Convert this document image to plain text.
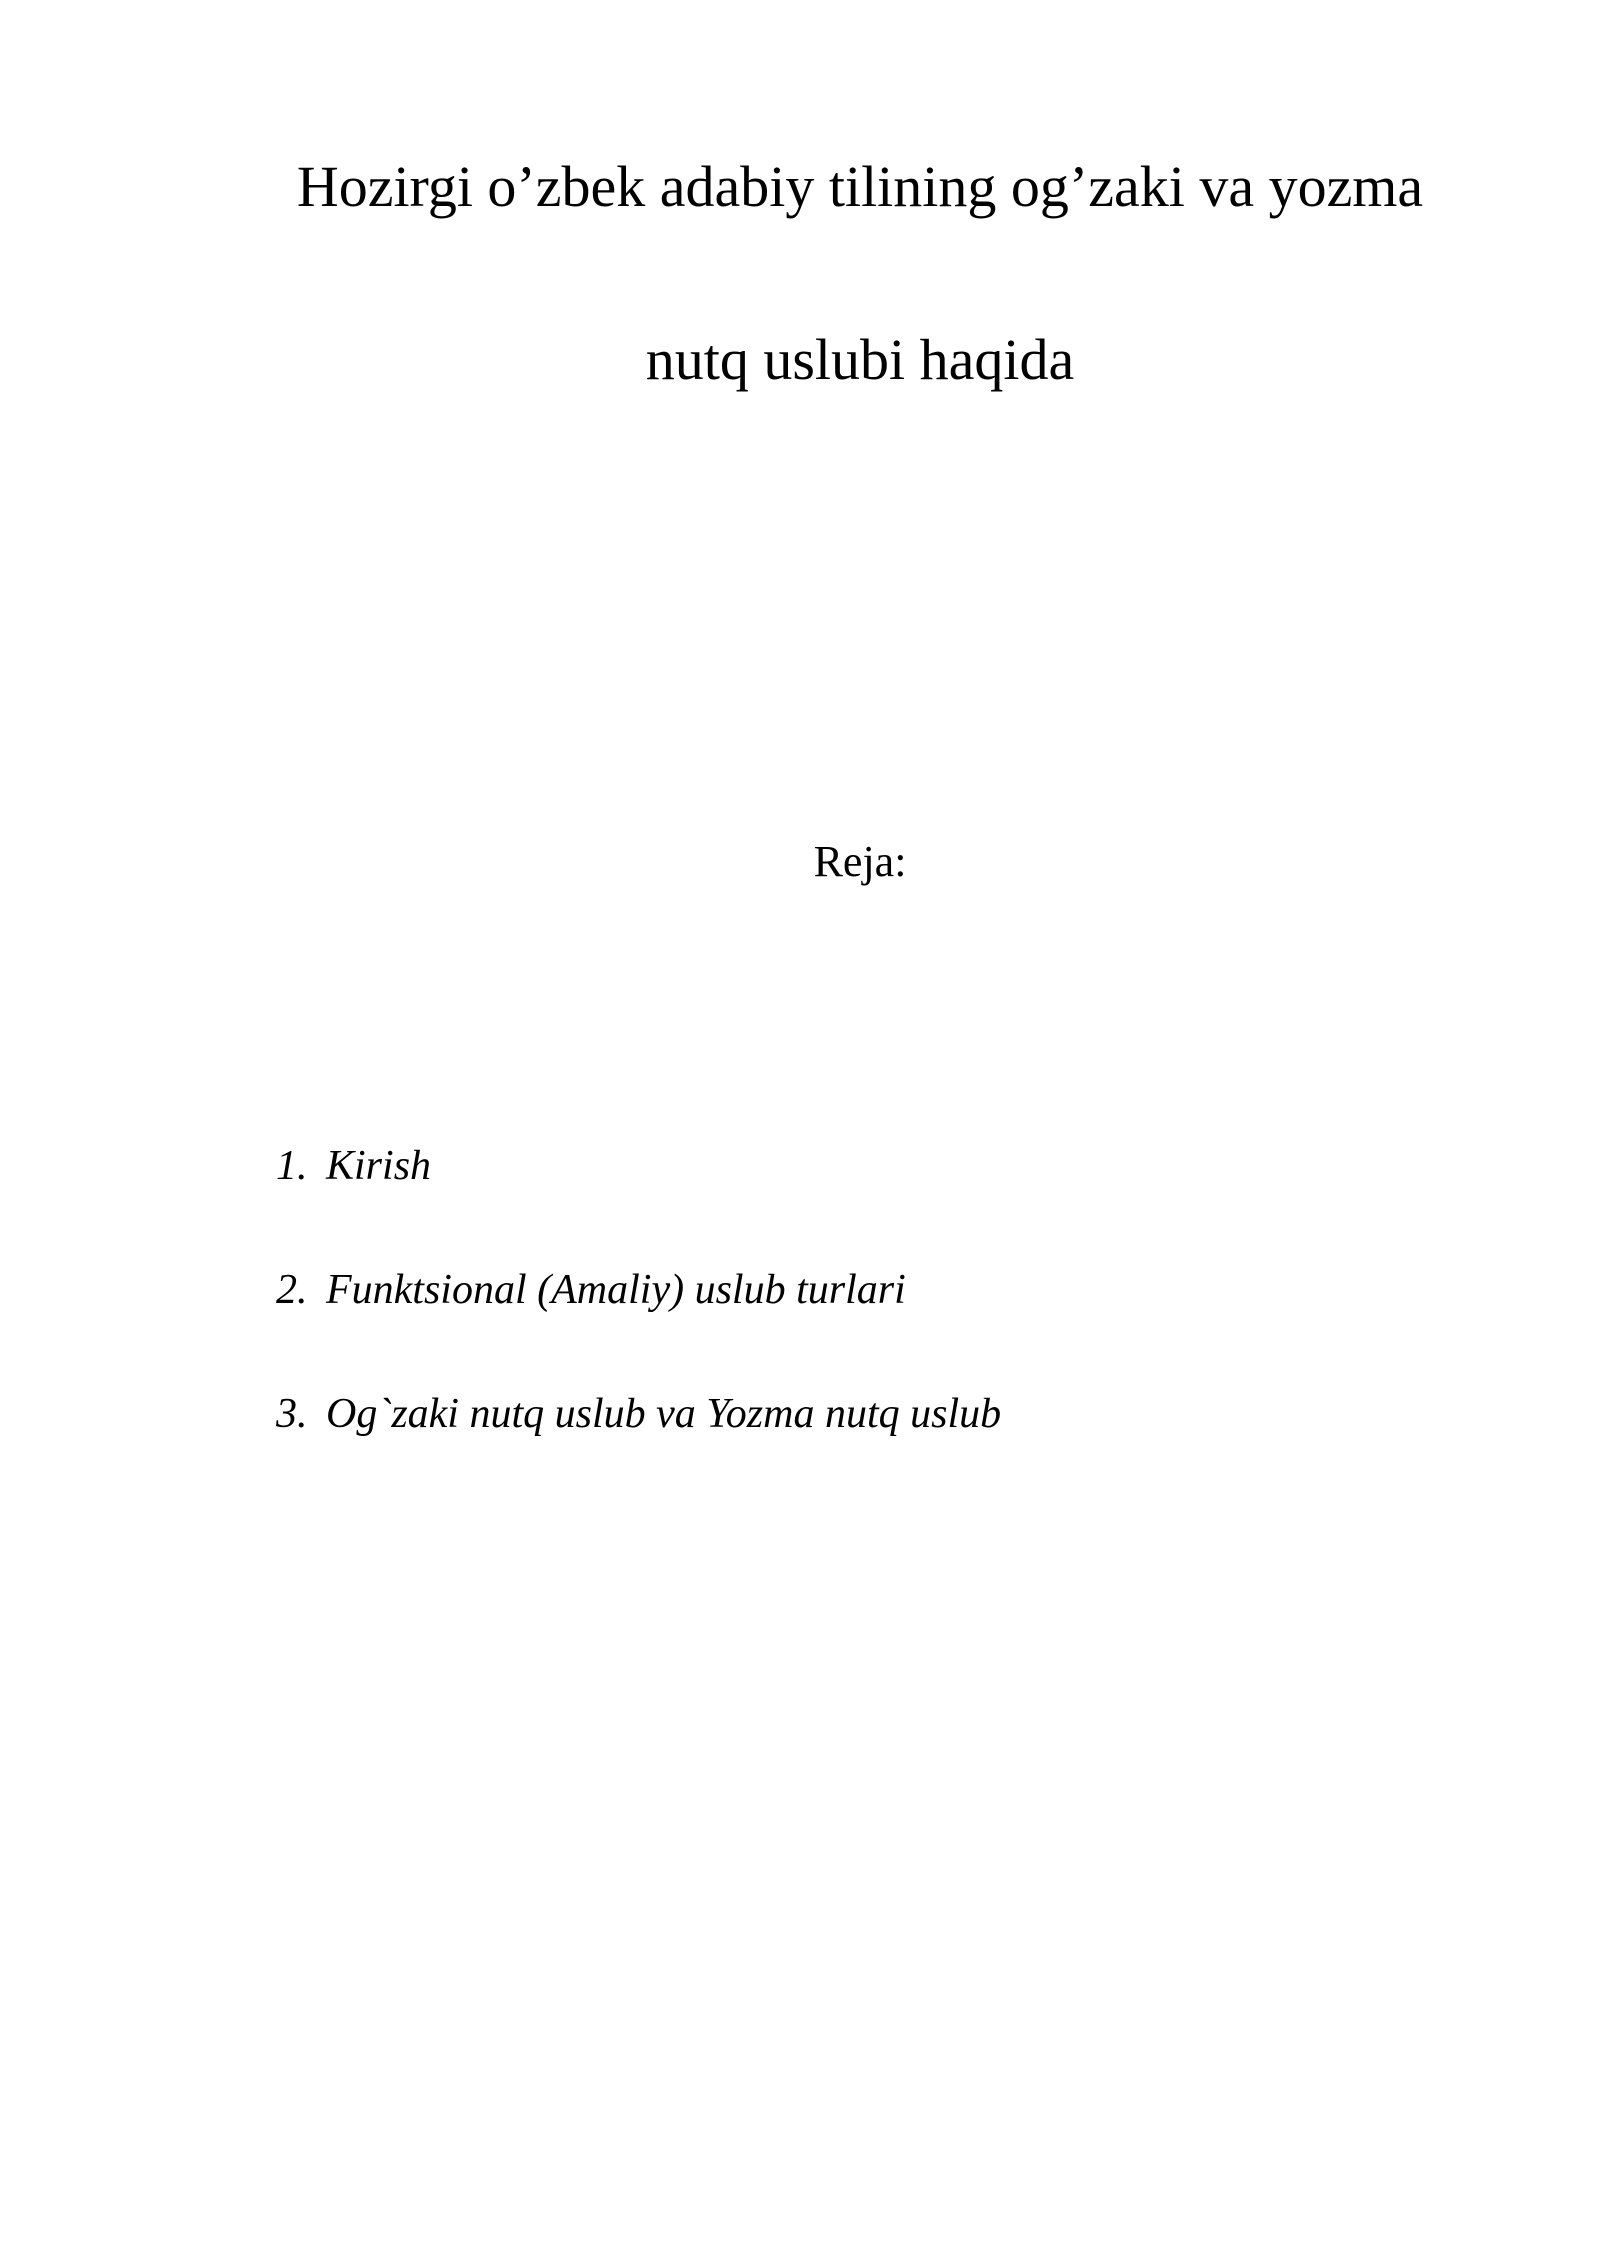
Hozirgi o’zbek adabiy tilining og’zaki va yozma
nutq uslubi haqida
Reja:
1. Kirish
2. Funktsional (Amaliy) uslub turlari
3. Og`zaki nutq uslub va Yozma nutq uslub
